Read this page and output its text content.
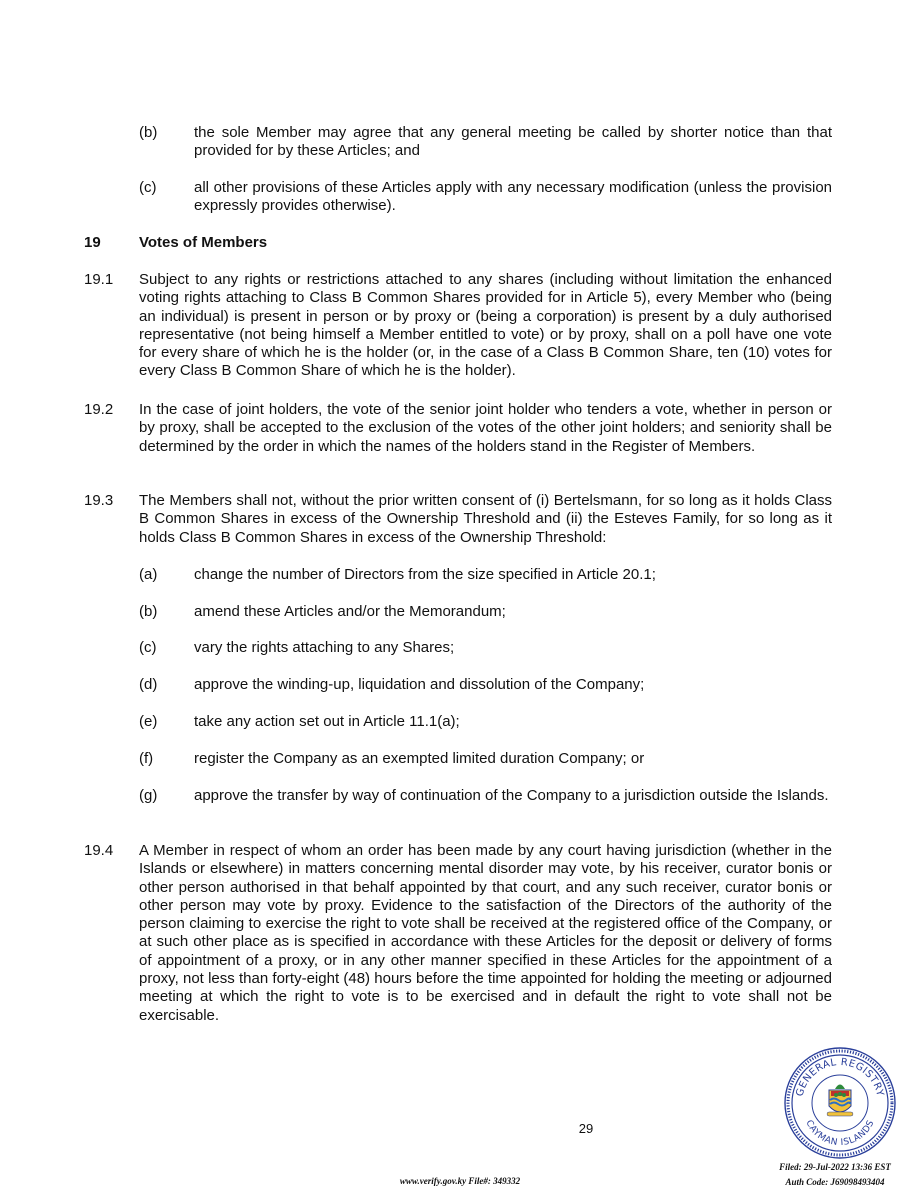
(b) the sole Member may agree that any general meeting be called by shorter notice than that provided for by these Articles; and

(c)	all other provisions of these Articles apply with any necessary modification (unless the provision expressly provides otherwise).

19	Votes of Members
19.1 Subject to any rights or restrictions attached to any shares (including without limitation the enhanced voting rights attaching to Class B Common Shares provided for in Article 5), every Member who (being an individual) is present in person or by proxy or (being a corporation) is present by a duly authorised representative (not being himself a Member entitled to vote) or by proxy, shall on a poll have one vote for every share of which he is the holder (or, in the case of a Class B Common Share, ten (10) votes for every Class B Common Share of which he is the holder).

19.2 In the case of joint holders, the vote of the senior joint holder who tenders a vote, whether in person or by proxy, shall be accepted to the exclusion of the votes of the other joint holders; and seniority shall be determined by the order in which the names of the holders stand in the Register of Members.

19.3 The Members shall not, without the prior written consent of (i) Bertelsmann, for so long as it holds Class B Common Shares in excess of the Ownership Threshold and (ii) the Esteves Family, for so long as it holds Class B Common Shares in excess of the Ownership Threshold:

(a) change the number of Directors from the size specified in Article 20.1;
(b) amend these Articles and/or the Memorandum;
(c)	vary the rights attaching to any Shares;
(d) approve the winding-up, liquidation and dissolution of the Company;
(e) take any action set out in Article 11.1(a);
(f)	register the Company as an exempted limited duration Company; or
(g) approve the transfer by way of continuation of the Company to a jurisdiction outside the Islands.

19.4 A Member in respect of whom an order has been made by any court having jurisdiction (whether in the Islands or elsewhere) in matters concerning mental disorder may vote, by his receiver, curator bonis or other person authorised in that behalf appointed by that court, and any such receiver, curator bonis or other person may vote by proxy. Evidence to the satisfaction of the Directors of the authority of the person claiming to exercise the right to vote shall be received at the registered office of the Company, or at such other place as is specified in accordance with these Articles for the deposit or delivery of forms of appointment of a proxy, or in any other manner specified in these Articles for the appointment of a proxy, not less than forty-eight (48) hours before the time appointed for holding the meeting or adjourned meeting at which the right to vote is to be exercised and in default the right to vote shall not be exercisable.

29
GENERAL REGISTRY
CAYMAN ISLANDS
www.verify.gov.ky File#: 349332
Filed: 29-Jul-2022 13:36 EST
Auth Code: J69098493404
